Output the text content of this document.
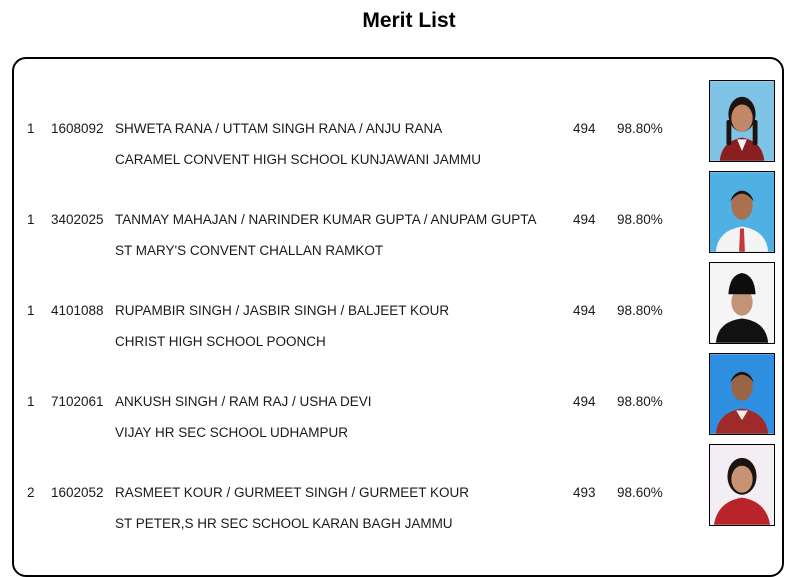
Merit List
1 1608092 SHWETA RANA / UTTAM SINGH RANA / ANJU RANA
CARAMEL CONVENT HIGH SCHOOL KUNJAWANI JAMMU
494 98.80%
1 3402025 TANMAY MAHAJAN / NARINDER KUMAR GUPTA / ANUPAM GUPTA
ST MARY'S CONVENT CHALLAN RAMKOT
494 98.80%
1 4101088 RUPAMBIR SINGH / JASBIR SINGH / BALJEET KOUR
CHRIST HIGH SCHOOL POONCH
494 98.80%
1 7102061 ANKUSH SINGH / RAM RAJ / USHA DEVI
VIJAY HR SEC SCHOOL UDHAMPUR
494 98.80%
2 1602052 RASMEET KOUR / GURMEET SINGH / GURMEET KOUR
ST PETER,S HR SEC SCHOOL KARAN BAGH JAMMU
493 98.60%
